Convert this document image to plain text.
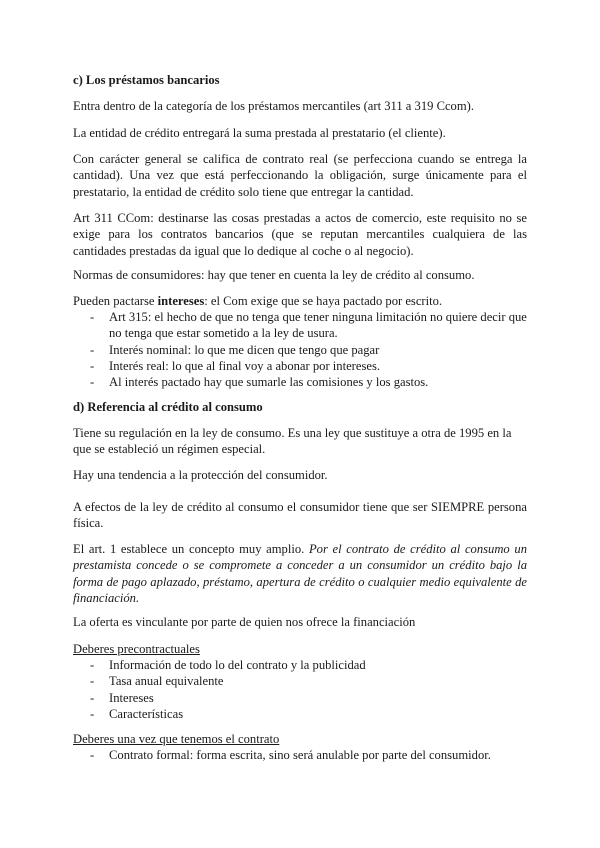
c) Los préstamos bancarios

Entra dentro de la categoría de los préstamos mercantiles (art 311 a 319 Ccom).

La entidad de crédito entregará la suma prestada al prestatario (el cliente).

Con carácter general se califica de contrato real (se perfecciona cuando se entrega la cantidad). Una vez que está perfeccionando la obligación, surge únicamente para el prestatario, la entidad de crédito solo tiene que entregar la cantidad.

Art 311 CCom: destinarse las cosas prestadas a actos de comercio, este requisito no se exige para los contratos bancarios (que se reputan mercantiles cualquiera de las cantidades prestadas da igual que lo dedique al coche o al negocio).

Normas de consumidores: hay que tener en cuenta la ley de crédito al consumo.

Pueden pactarse intereses: el Com exige que se haya pactado por escrito.

- Art 315: el hecho de que no tenga que tener ninguna limitación no quiere decir que no tenga que estar sometido a la ley de usura.
- Interés nominal: lo que me dicen que tengo que pagar
- Interés real: lo que al final voy a abonar por intereses.
- Al interés pactado hay que sumarle las comisiones y los gastos.

d) Referencia al crédito al consumo

Tiene su regulación en la ley de consumo. Es una ley que sustituye a otra de 1995 en la que se estableció un régimen especial.

Hay una tendencia a la protección del consumidor.

A efectos de la ley de crédito al consumo el consumidor tiene que ser SIEMPRE persona física.

El art. 1 establece un concepto muy amplio. Por el contrato de crédito al consumo un prestamista concede o se compromete a conceder a un consumidor un crédito bajo la forma de pago aplazado, préstamo, apertura de crédito o cualquier medio equivalente de financiación.

La oferta es vinculante por parte de quien nos ofrece la financiación

Deberes precontractuales

- Información de todo lo del contrato y la publicidad
- Tasa anual equivalente
- Intereses
- Características

Deberes una vez que tenemos el contrato

- Contrato formal: forma escrita, sino será anulable por parte del consumidor.
